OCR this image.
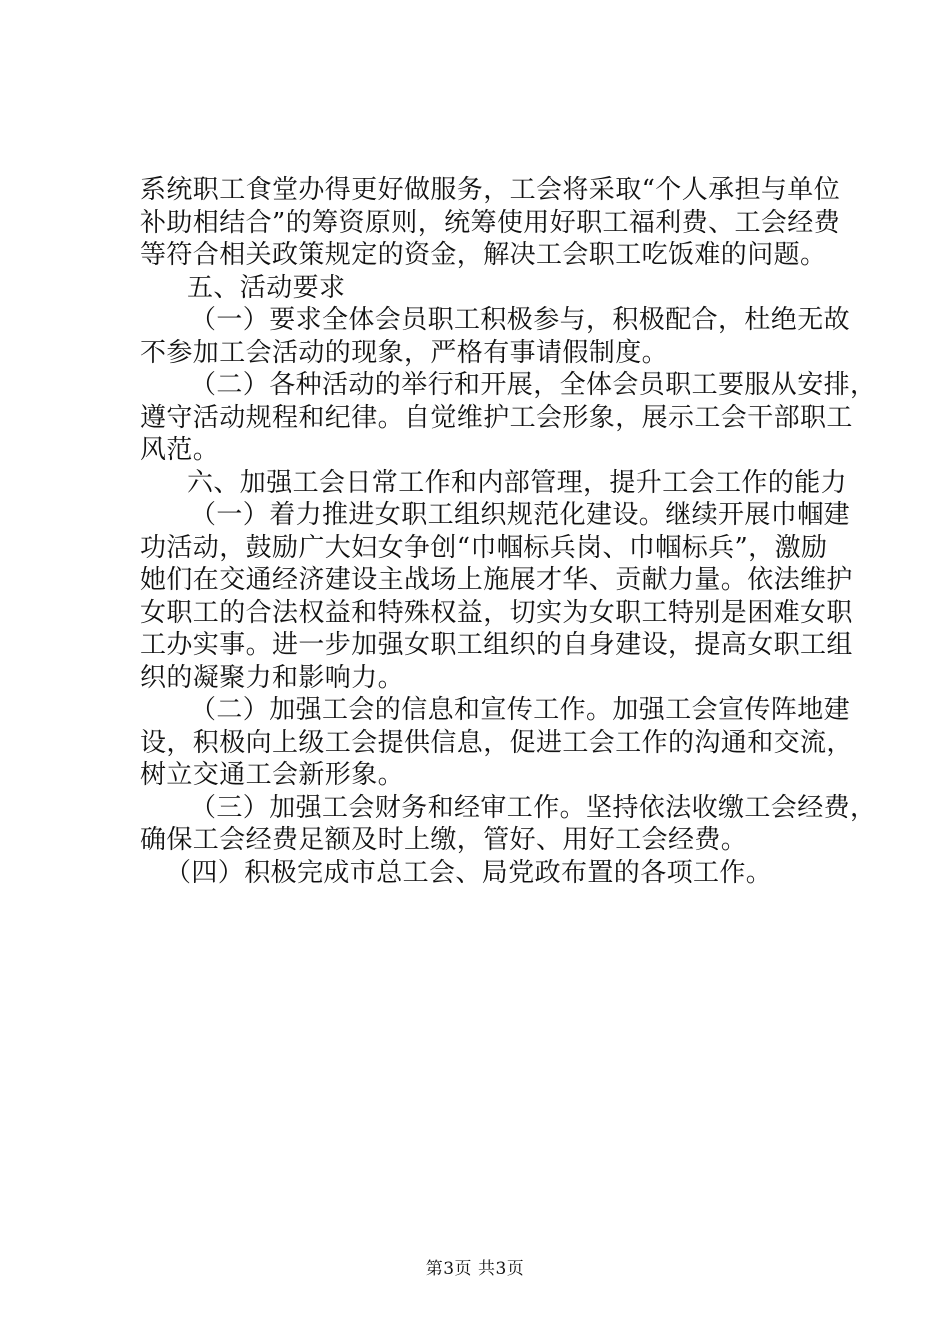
系统职工食堂办得更好做服务，工会将采取“个人承担与单位
补助相结合”的筹资原则，统筹使用好职工福利费、工会经费
等符合相关政策规定的资金，解决工会职工吃饭难的问题。
五、活动要求
（一）要求全体会员职工积极参与，积极配合，杜绝无故
不参加工会活动的现象，严格有事请假制度。
（二）各种活动的举行和开展，全体会员职工要服从安排，
遵守活动规程和纪律。自觉维护工会形象，展示工会干部职工
风范。
六、加强工会日常工作和内部管理，提升工会工作的能力
（一）着力推进女职工组织规范化建设。继续开展巾帼建
功活动，鼓励广大妇女争创“巾帼标兵岗、巾帼标兵”，激励
她们在交通经济建设主战场上施展才华、贡献力量。依法维护
女职工的合法权益和特殊权益，切实为女职工特别是困难女职
工办实事。进一步加强女职工组织的自身建设，提高女职工组
织的凝聚力和影响力。
（二）加强工会的信息和宣传工作。加强工会宣传阵地建
设，积极向上级工会提供信息，促进工会工作的沟通和交流，
树立交通工会新形象。
（三）加强工会财务和经审工作。坚持依法收缴工会经费，
确保工会经费足额及时上缴，管好、用好工会经费。
（四）积极完成市总工会、局党政布置的各项工作。
第3页 共3页
